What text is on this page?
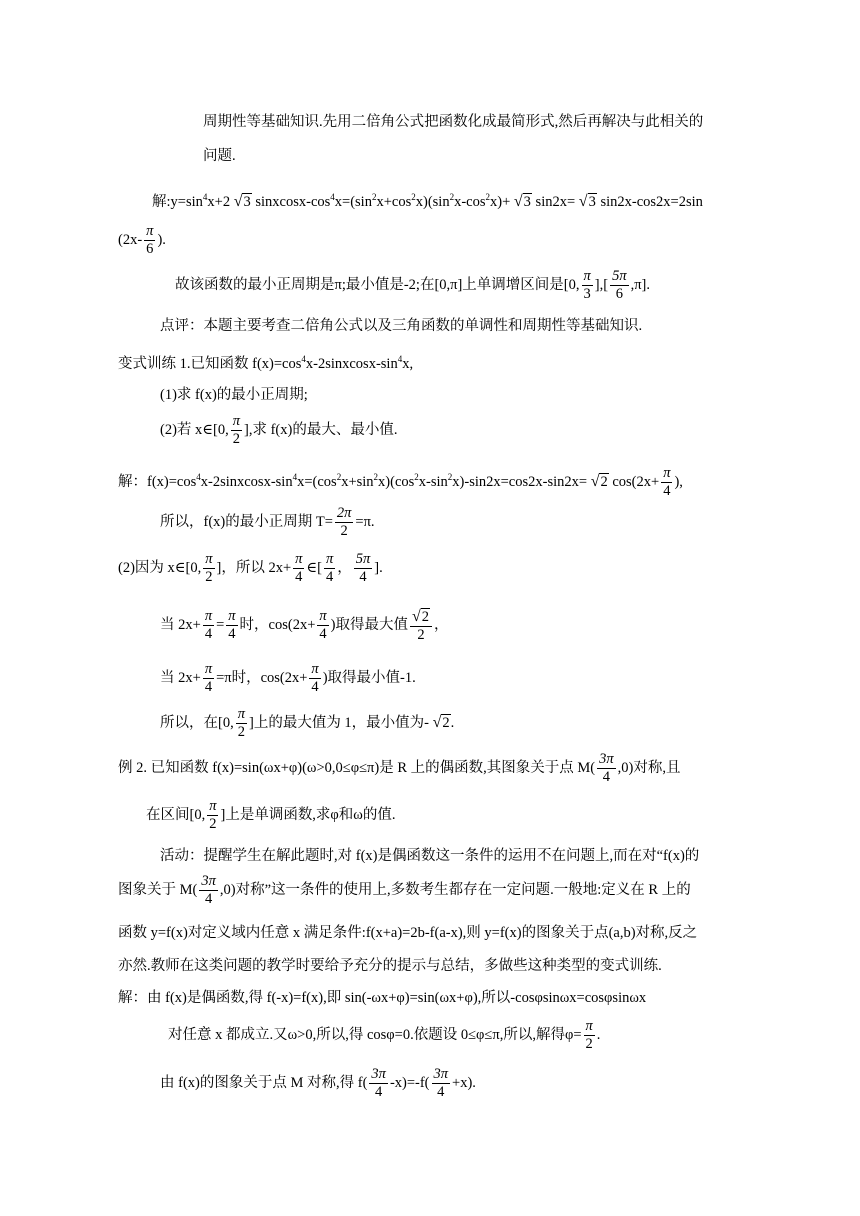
周期性等基础知识.先用二倍角公式把函数化成最简形式,然后再解决与此相关的
问题.
解$:y=\sin^4x+2$ √3 sinxcosx-$\cos^4x=(\sin^2x+\cos^2x)(\sin^2x-\cos^2x)+ √3$ sin2x= √3 sin2x-cos2x=2sin
($2x- \frac{\pi}{6}$ ).
故该函数的最小正周期是π;最小值是-2;在[0,π]上单调增区间是[0, $\frac{\pi}{3}$ ],[ $\frac{5\pi}{6} ,\pi$].
点评：本题主要考查二倍角公式以及三角函数的单调性和周期性等基础知识.
变式训练 1.已知函数 $f(x)=\cos^4x-2sinxcosx-\sin^4x$,
(1)求 f(x)的最小正周期;
(2)若 x∈[0, $\frac{\pi}{2}$ ],求 f(x)的最大、最小值.
解：$f(x)=\cos^4x-2sinxcosx-\sin^4x=(\cos^2x+\sin^2x)(\cos^2x-\sin^2x)-\sin 2x=\cos 2x-\sin 2x= √2$ $\cos(2x+ \frac{\pi}{4}$ ),
所以，f(x)的最小正周期 $T= \frac{2\pi}{2} =\pi$.
(2)因为 x∈[0, $\frac{\pi}{2}$ ]，所以 $2x+ \frac{\pi}{4}$ ∈[ $\frac{\pi}{4}$ ， $\frac{5\pi}{4}$ ].
当 $2x+ \frac{\pi}{4} = \frac{\pi}{4}$ 时，$\cos(2x+ \frac{\pi}{4}$ )取得最大值 $\frac{√2}{2}$ ，
当 $2x+ \frac{\pi}{4} =\pi$时，$\cos(2x+ \frac{\pi}{4}$ )取得最小值-1.
所以，在[0, $\frac{\pi}{2}$ ]上的最大值为 1，最小值为- √2.
例 2. 已知函数 f(x)=sin(ωx+φ)(ω>0,0≤φ≤π)是 R 上的偶函数,其图象关于点 $M( \frac{3\pi}{4} ,0)$对称,且
在区间[0, $\frac{\pi}{2}$ ]上是单调函数,求φ和ω的值.
活动：提醒学生在解此题时,对 f(x)是偶函数这一条件的运用不在问题上,而在对“f(x)的
图象关于 $M( \frac{3\pi}{4} ,0)$对称”这一条件的使用上,多数考生都存在一定问题.一般地:定义在 R 上的
函数 y=f(x)对定义域内任意 x 满足条件:f(x+a)=2b-f(a-x),则 y=f(x)的图象关于点(a,b)对称,反之
亦然.教师在这类问题的教学时要给予充分的提示与总结，多做些这种类型的变式训练.
解：由 f(x)是偶函数,得 f(-x)=f(x),即 sin(-ωx+φ)=sin(ωx+φ),所以-cosφsinωx=cosφsinωx
对任意 x 都成立.又ω>0,所以,得 cosφ=0.依题设 0≤φ≤π,所以,解得$\varphi= \frac{\pi}{2}$ .
由 f(x)的图象关于点 M 对称,得 $f( \frac{3\pi}{4} -x)=-f( \frac{3\pi}{4} +x)$.
